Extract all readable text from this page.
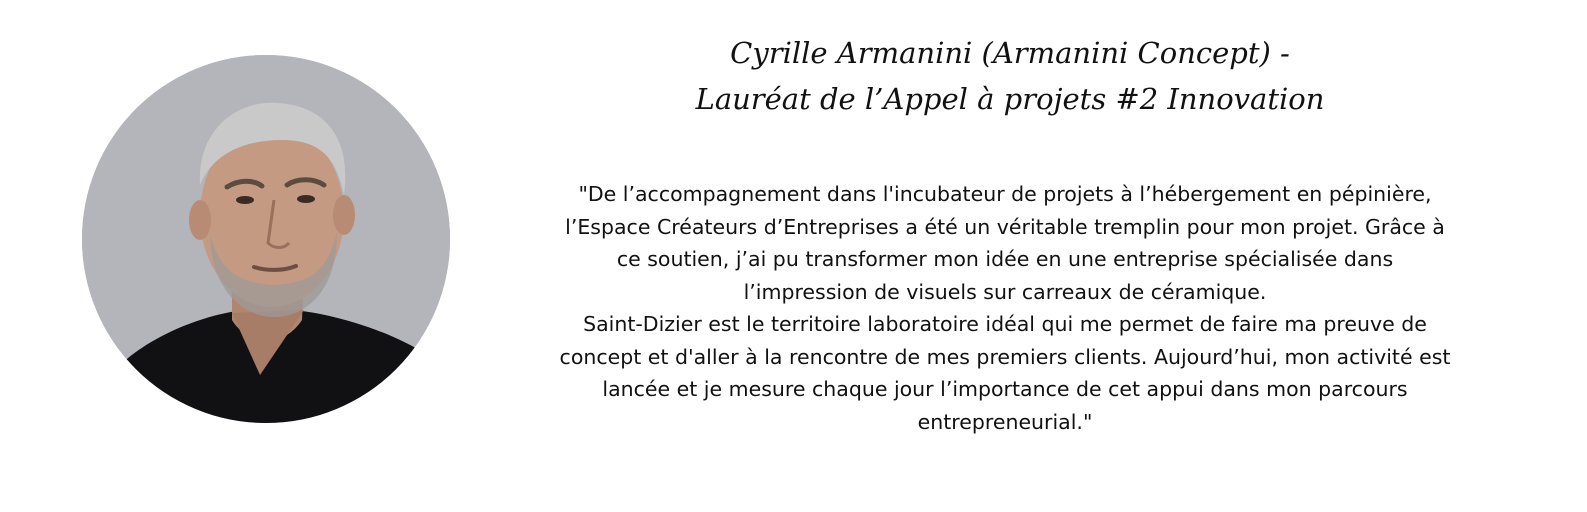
Cyrille Armanini (Armanini Concept) -
Lauréat de l’Appel à projets #2 Innovation
"De l’accompagnement dans l'incubateur de projets à l’hébergement en pépinière,
l’Espace Créateurs d’Entreprises a été un véritable tremplin pour mon projet. Grâce à
ce soutien, j’ai pu transformer mon idée en une entreprise spécialisée dans
l’impression de visuels sur carreaux de céramique.
Saint-Dizier est le territoire laboratoire idéal qui me permet de faire ma preuve de
concept et d'aller à la rencontre de mes premiers clients. Aujourd’hui, mon activité est
lancée et je mesure chaque jour l’importance de cet appui dans mon parcours
entrepreneurial."
